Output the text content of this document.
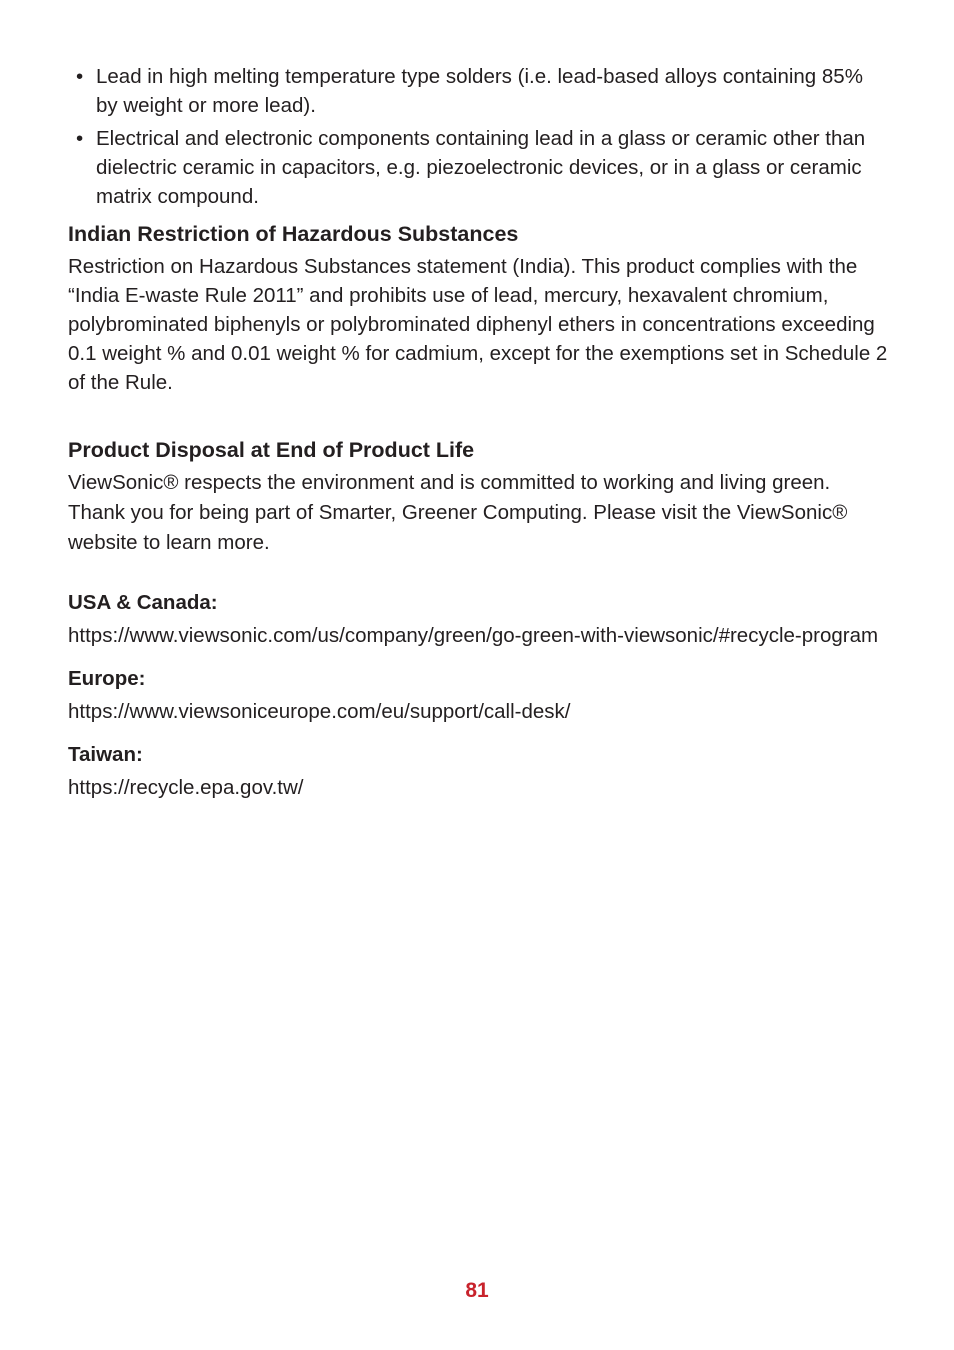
• Lead in high melting temperature type solders (i.e. lead-based alloys containing 85% by weight or more lead).
• Electrical and electronic components containing lead in a glass or ceramic other than dielectric ceramic in capacitors, e.g. piezoelectronic devices, or in a glass or ceramic matrix compound.
Indian Restriction of Hazardous Substances

Restriction on Hazardous Substances statement (India). This product complies with the “India E-waste Rule 2011” and prohibits use of lead, mercury, hexavalent chromium, polybrominated biphenyls or polybrominated diphenyl ethers in concentrations exceeding 0.1 weight % and 0.01 weight % for cadmium, except for the exemptions set in Schedule 2 of the Rule.

Product Disposal at End of Product Life

ViewSonic® respects the environment and is committed to working and living green. Thank you for being part of Smarter, Greener Computing. Please visit the ViewSonic® website to learn more.

USA & Canada:

https://www.viewsonic.com/us/company/green/go-green-with-viewsonic/#recycle-program

Europe:

https://www.viewsoniceurope.com/eu/support/call-desk/

Taiwan:

https://recycle.epa.gov.tw/

81
